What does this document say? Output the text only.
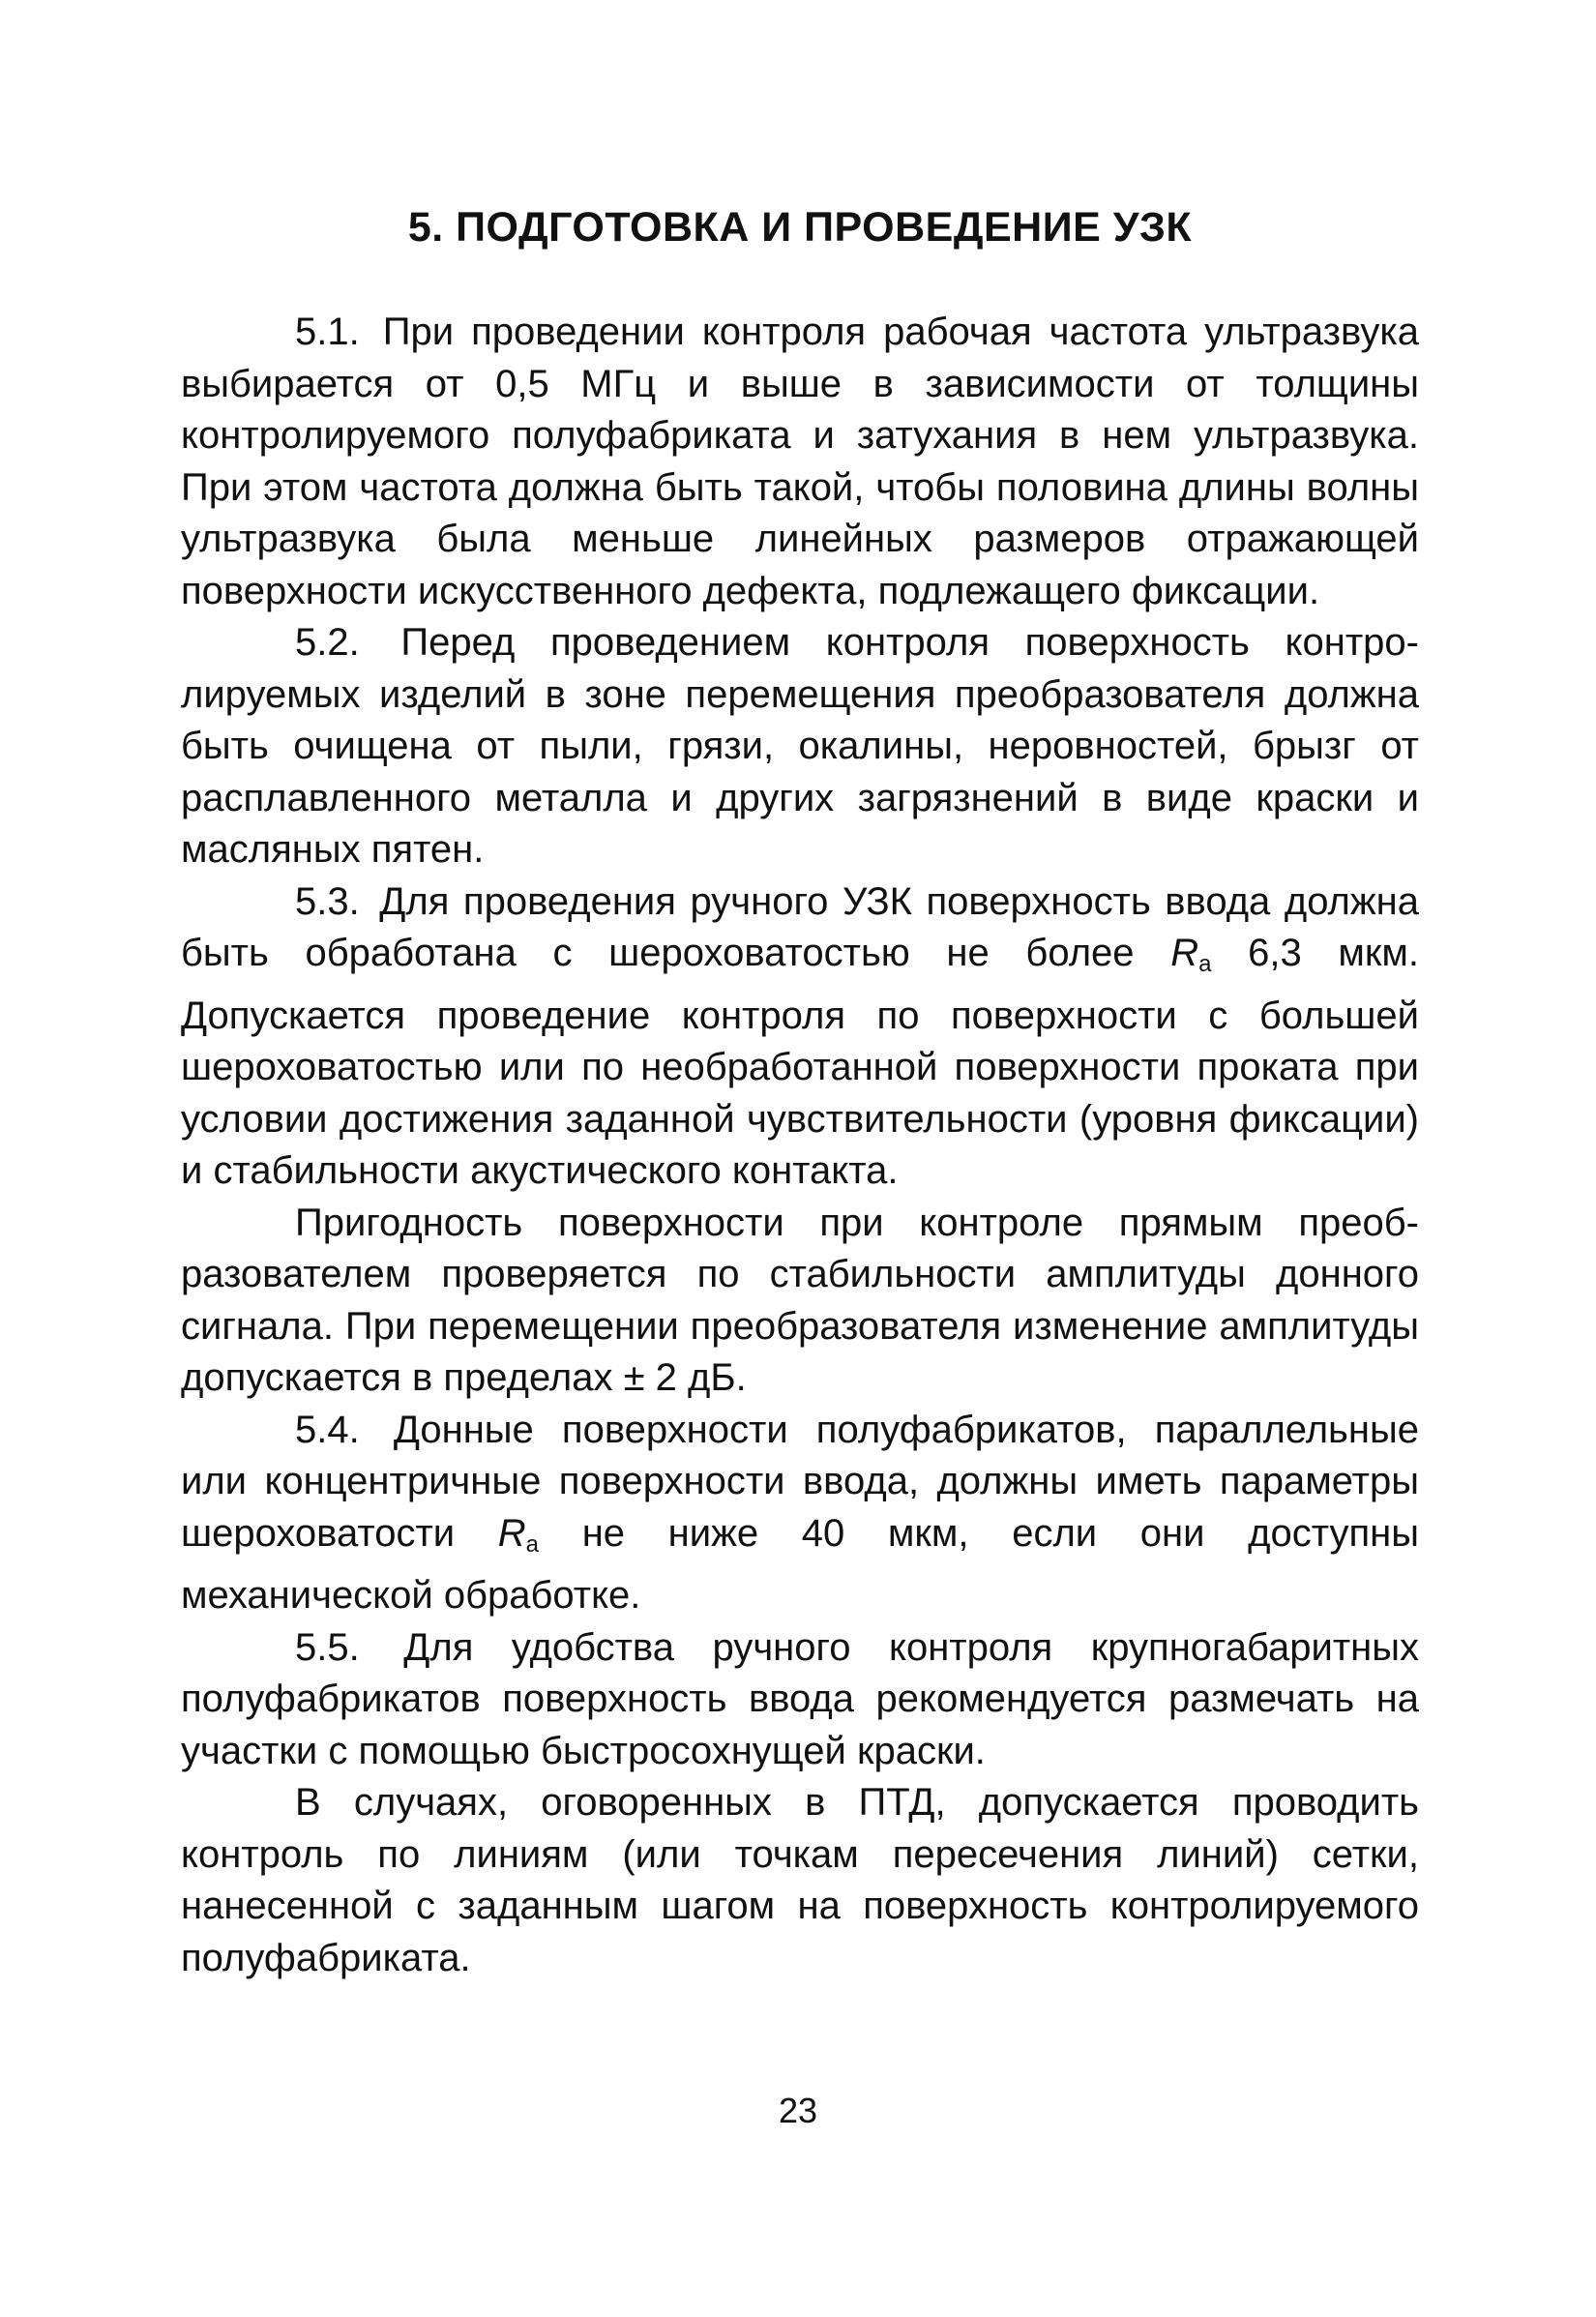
5. ПОДГОТОВКА И ПРОВЕДЕНИЕ УЗК

5.1. При проведении контроля рабочая частота ультразвука выбирается от 0,5 МГц и выше в зависимости от толщины контролируемого полуфабриката и затухания в нем ультразвука. При этом частота должна быть такой, чтобы половина длины волны ультразвука была меньше линейных размеров отражающей поверхности искусственного дефекта, подлежащего фиксации.

5.2. Перед проведением контроля поверхность контролируемых изделий в зоне перемещения преобразователя должна быть очищена от пыли, грязи, окалины, неровностей, брызг от расплавленного металла и других загрязнений в виде краски и масляных пятен.

5.3. Для проведения ручного УЗК поверхность ввода должна быть обработана с шероховатостью не более $R_a$ 6,3 мкм. Допускается проведение контроля по поверхности с большей шероховатостью или по необработанной поверхности проката при условии достижения заданной чувствительности (уровня фиксации) и стабильности акустического контакта.

Пригодность поверхности при контроле прямым преобразователем проверяется по стабильности амплитуды донного сигнала. При перемещении преобразователя изменение амплитуды допускается в пределах ± 2 дБ.

5.4. Донные поверхности полуфабрикатов, параллельные или концентричные поверхности ввода, должны иметь параметры шероховатости $R_a$ не ниже 40 мкм, если они доступны механической обработке.

5.5. Для удобства ручного контроля крупногабаритных полуфабрикатов поверхность ввода рекомендуется размечать на участки с помощью быстросохнущей краски.

В случаях, оговоренных в ПТД, допускается проводить контроль по линиям (или точкам пересечения линий) сетки, нанесенной с заданным шагом на поверхность контролируемого полуфабриката.

23
